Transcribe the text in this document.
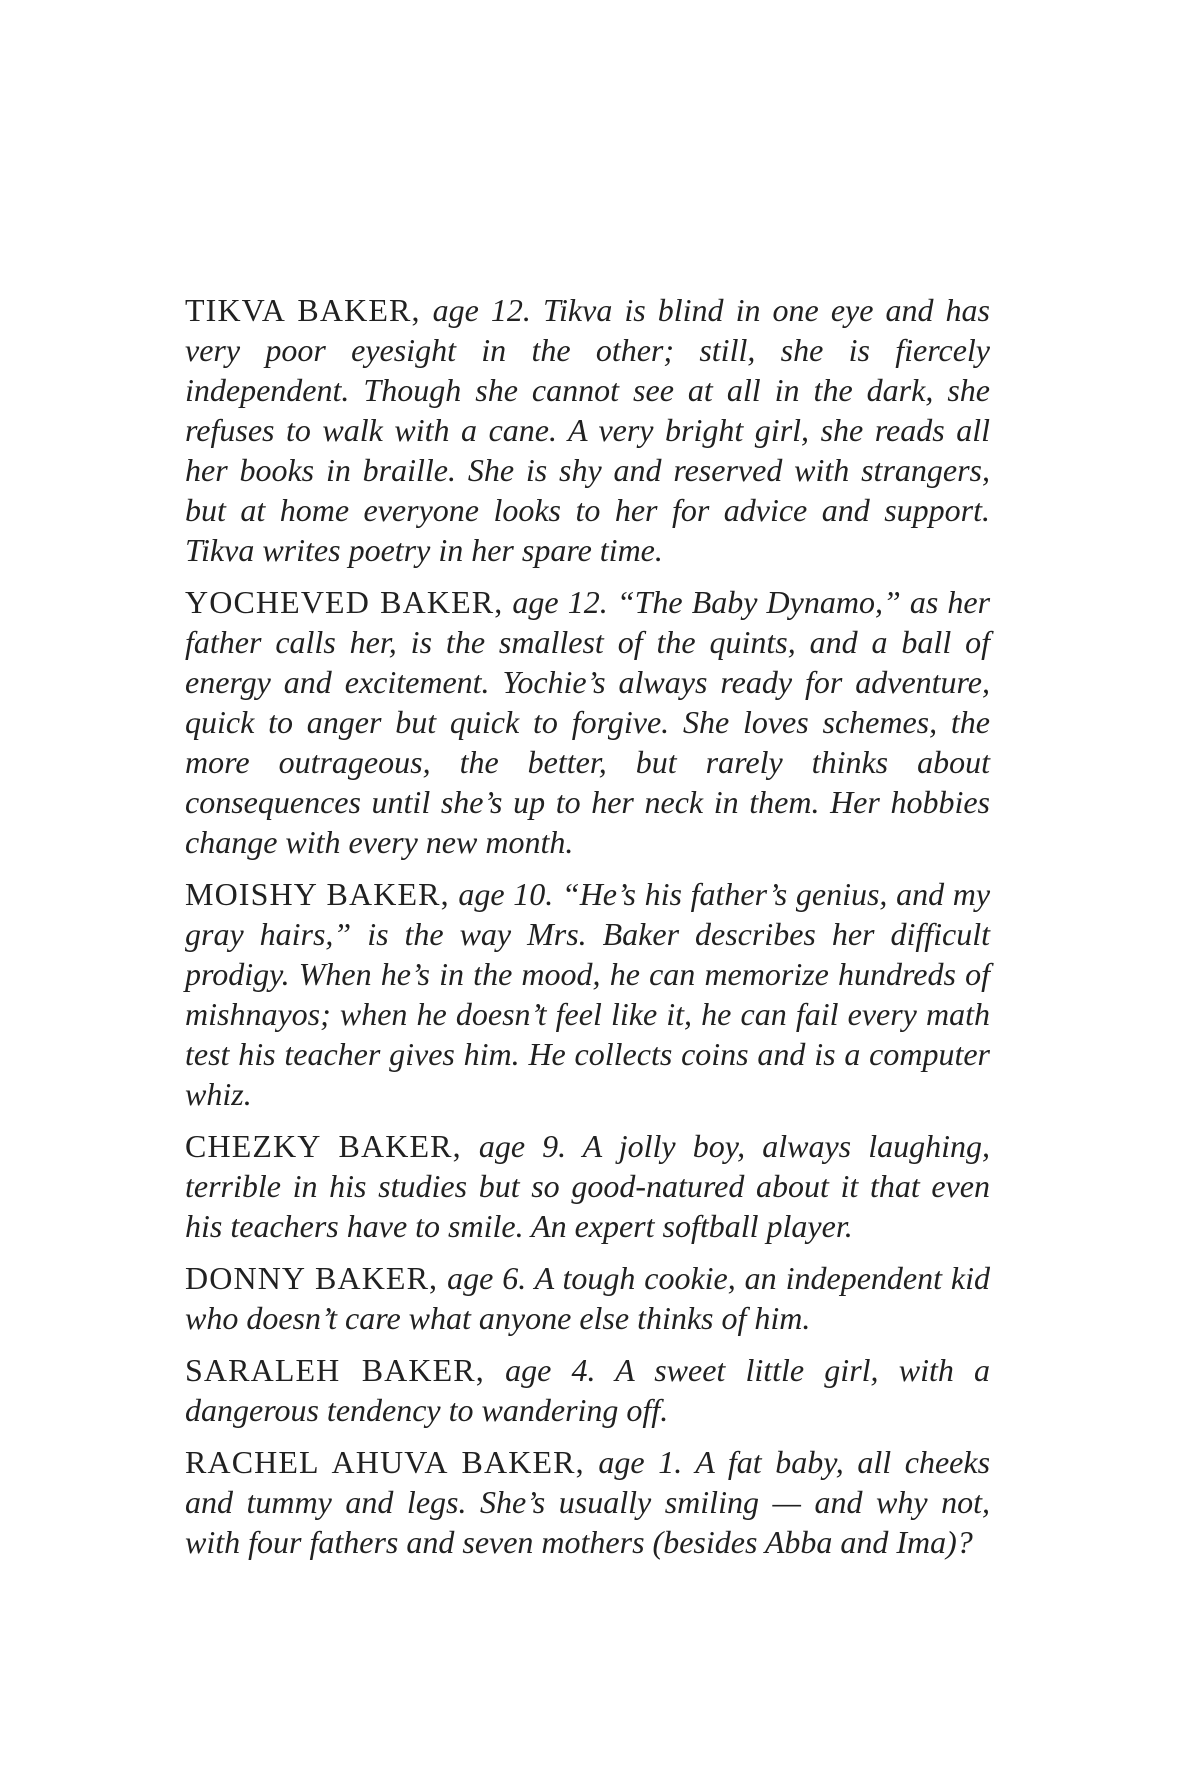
TIKVA BAKER, age 12. Tikva is blind in one eye and has very poor eyesight in the other; still, she is fiercely independent. Though she cannot see at all in the dark, she refuses to walk with a cane. A very bright girl, she reads all her books in braille. She is shy and reserved with strangers, but at home everyone looks to her for advice and support. Tikva writes poetry in her spare time.

YOCHEVED BAKER, age 12. “The Baby Dynamo,” as her father calls her, is the smallest of the quints, and a ball of energy and excitement. Yochie’s always ready for adventure, quick to anger but quick to forgive. She loves schemes, the more outrageous, the better, but rarely thinks about consequences until she’s up to her neck in them. Her hobbies change with every new month.

MOISHY BAKER, age 10. “He’s his father’s genius, and my gray hairs,” is the way Mrs. Baker describes her difficult prodigy. When he’s in the mood, he can memorize hundreds of mishnayos; when he doesn’t feel like it, he can fail every math test his teacher gives him. He collects coins and is a computer whiz.

CHEZKY BAKER, age 9. A jolly boy, always laughing, terrible in his studies but so good-natured about it that even his teachers have to smile. An expert softball player.

DONNY BAKER, age 6. A tough cookie, an independent kid who doesn’t care what anyone else thinks of him.

SARALEH BAKER, age 4. A sweet little girl, with a dangerous tendency to wandering off.

RACHEL AHUVA BAKER, age 1. A fat baby, all cheeks and tummy and legs. She’s usually smiling — and why not, with four fathers and seven mothers (besides Abba and Ima)?
